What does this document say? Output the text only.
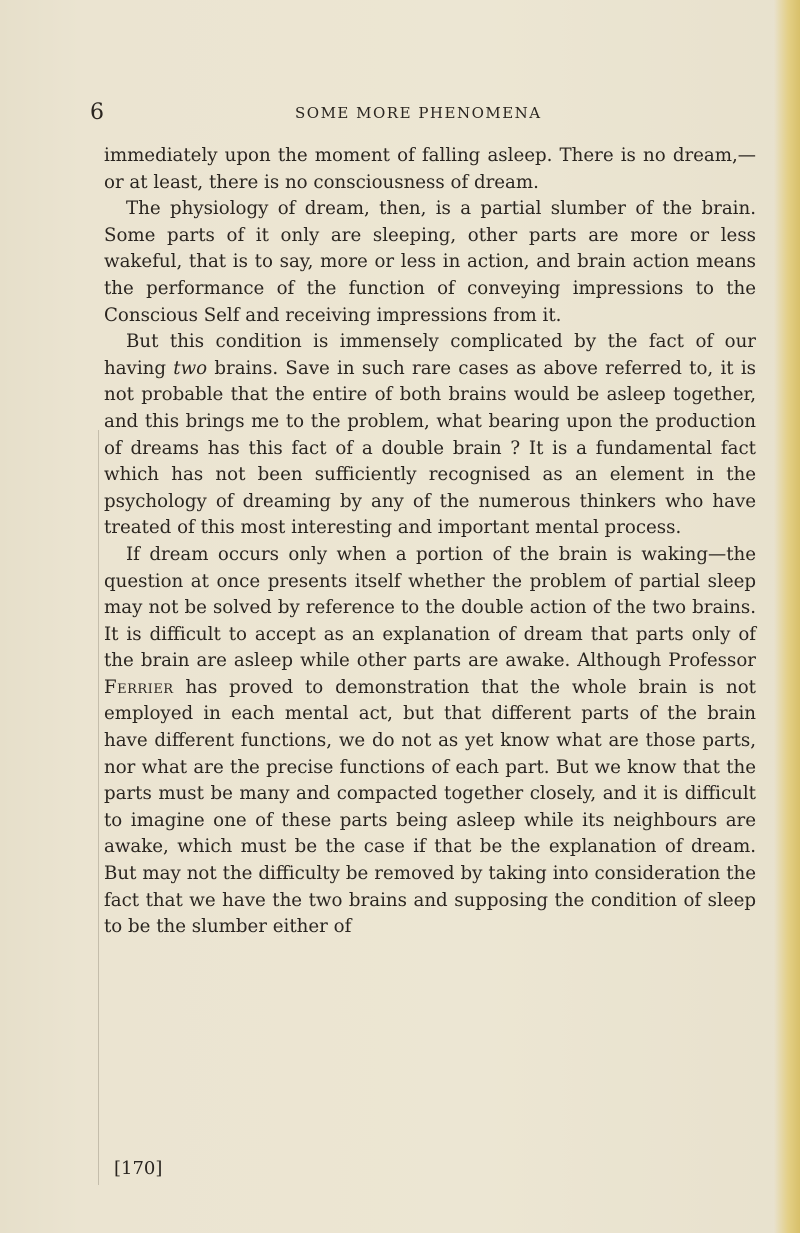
6	SOME MORE PHENOMENA

immediately upon the moment of falling asleep. There is no dream,—or at least, there is no consciousness of dream.

The physiology of dream, then, is a partial slumber of the brain. Some parts of it only are sleeping, other parts are more or less wakeful, that is to say, more or less in action, and brain action means the performance of the function of conveying impressions to the Conscious Self and receiving impressions from it.

But this condition is immensely complicated by the fact of our having two brains. Save in such rare cases as above referred to, it is not probable that the entire of both brains would be asleep together, and this brings me to the problem, what bearing upon the production of dreams has this fact of a double brain ? It is a fundamental fact which has not been sufficiently recognised as an element in the psychology of dreaming by any of the numerous thinkers who have treated of this most interesting and important mental process.

If dream occurs only when a portion of the brain is waking—the question at once presents itself whether the problem of partial sleep may not be solved by reference to the double action of the two brains. It is difficult to accept as an explanation of dream that parts only of the brain are asleep while other parts are awake. Although Professor Ferrier has proved to demonstration that the whole brain is not employed in each mental act, but that different parts of the brain have different functions, we do not as yet know what are those parts, nor what are the precise functions of each part. But we know that the parts must be many and compacted together closely, and it is difficult to imagine one of these parts being asleep while its neighbours are awake, which must be the case if that be the explanation of dream. But may not the difficulty be removed by taking into consideration the fact that we have the two brains and supposing the condition of sleep to be the slumber either of

[170]
